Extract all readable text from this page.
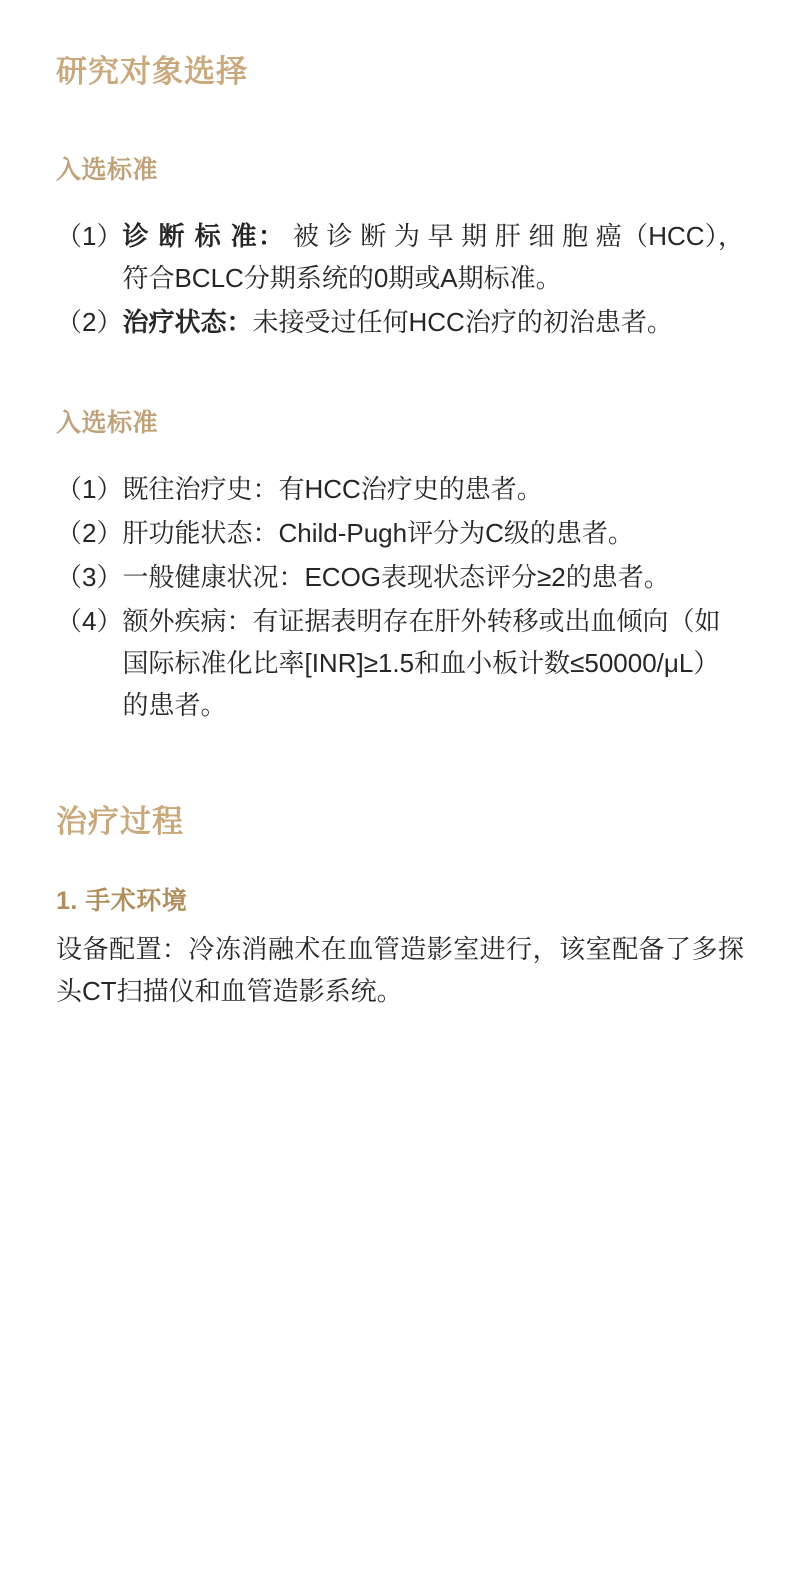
研究对象选择
入选标准
（1） 诊 断 标 准： 被 诊 断 为 早 期 肝 细 胞 癌（HCC），符合BCLC分期系统的0期或A期标准。
（2） 治疗状态：未接受过任何HCC治疗的初治患者。
入选标准
（1） 既往治疗史：有HCC治疗史的患者。
（2） 肝功能状态：Child-Pugh评分为C级的患者。
（3） 一般健康状况：ECOG表现状态评分≥2的患者。
（4） 额外疾病：有证据表明存在肝外转移或出血倾向（如国际标准化比率[INR]≥1.5和血小板计数≤50000/μL）的患者。
治疗过程
1. 手术环境

设备配置：冷冻消融术在血管造影室进行，该室配备了多探头CT扫描仪和血管造影系统。
